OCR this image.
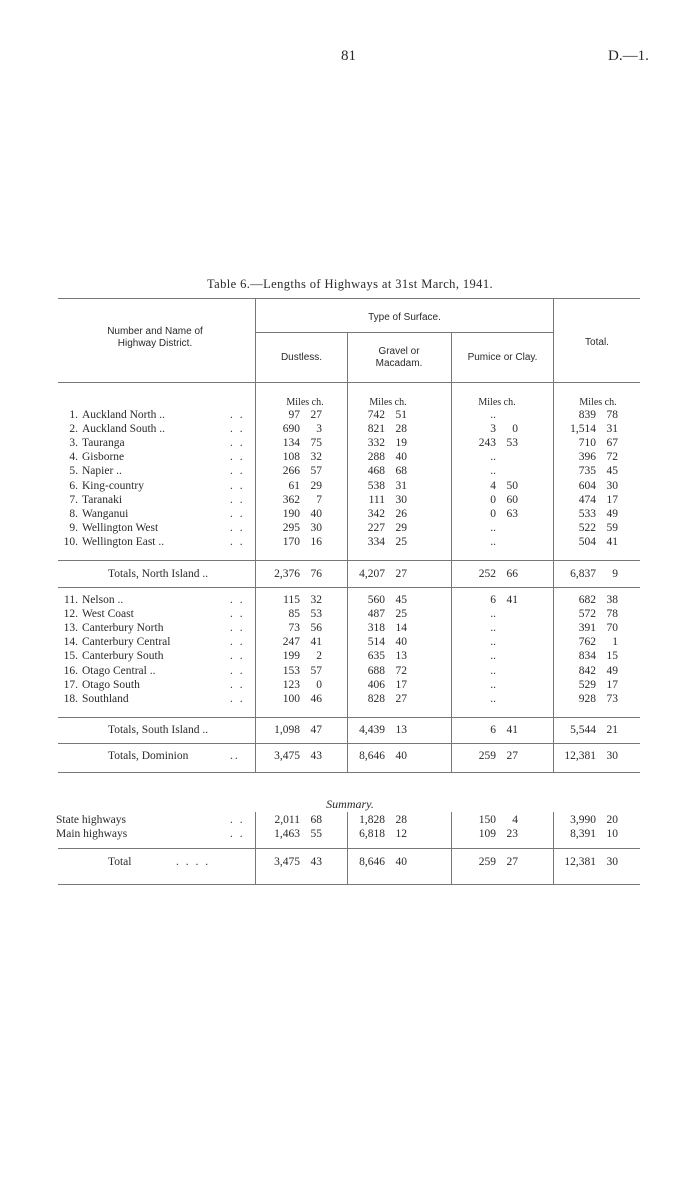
81	D.—1.
Table 6.—Lengths of Highways at 31st March, 1941.
Number and Name of Highway District.
Type of Surface.
Dustless.
Gravel or Macadam.
Pumice or Clay.
Total.
Miles ch.	Miles ch.	Miles ch.	Miles ch.
1. Auckland North ..	. .	97 27	742 51	..	839 78
2. Auckland South ..	. .	690	3	821 28	3	0	1,514 31
3. Tauranga	. .	134 75	332 19	243 53	710 67
4. Gisborne	. .	108 32	288 40	..	396 72
5. Napier ..	. .	266 57	468 68	..	735 45
6. King-country	. .	61 29	538 31	4 50	604 30
7. Taranaki	. .	362	7	111 30	0 60	474 17
8. Wanganui	. .	190 40	342 26	0 63	533 49
9. Wellington West	. .	295 30	227 29	..	522 59
10. Wellington East ..	. .	170 16	334 25	..	504 41
Totals, North Island ..	2,376 76	4,207 27	252 66	6,837	9
11. Nelson ..	. .	115 32	560 45	6 41	682 38
12. West Coast	. .	85 53	487 25	..	572 78
13. Canterbury North	. .	73 56	318 14	..	391 70
14. Canterbury Central	. .	247 41	514 40	..	762	1
15. Canterbury South	. .	199	2	635 13	..	834 15
16. Otago Central ..	. .	153 57	688 72	..	842 49
17. Otago South	. .	123	0	406 17	..	529 17
18. Southland	. .	100 46	828 27	..	928 73
Totals, South Island ..	1,098 47	4,439 13	6 41	5,544 21
Totals, Dominion	3,475 43	8,646 40	259 27	12,381 30
..
Summary.
State highways	. .	2,011 68	1,828 28	150	4	3,990 20
Main highways	. .	1,463 55	6,818 12	109 23	8,391 10
Total	3,475 43	8,646 40	259 27	12,381 30
. . . .
